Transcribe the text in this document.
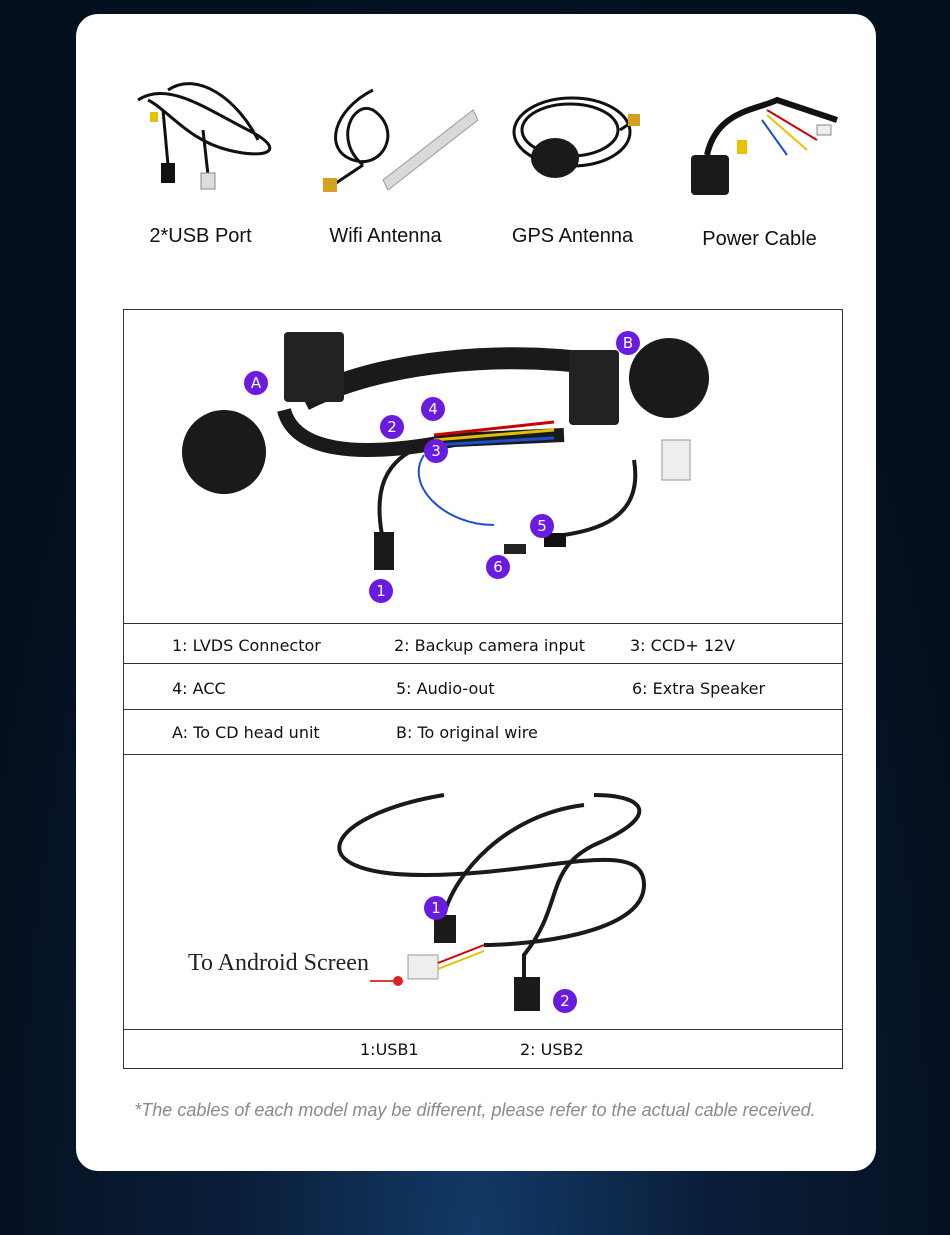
2*USB Port	Wifi Antenna	GPS Antenna	Power Cable
A
B
1
2
3
4
5
6
1: LVDS Connector	2: Backup camera input	3: CCD+ 12V
4: ACC	5: Audio-out	6: Extra Speaker
A: To CD head unit	B: To original wire
1
2
To Android Screen
1:USB1	2: USB2
*The cables of each model may be different, please refer to the actual cable received.
